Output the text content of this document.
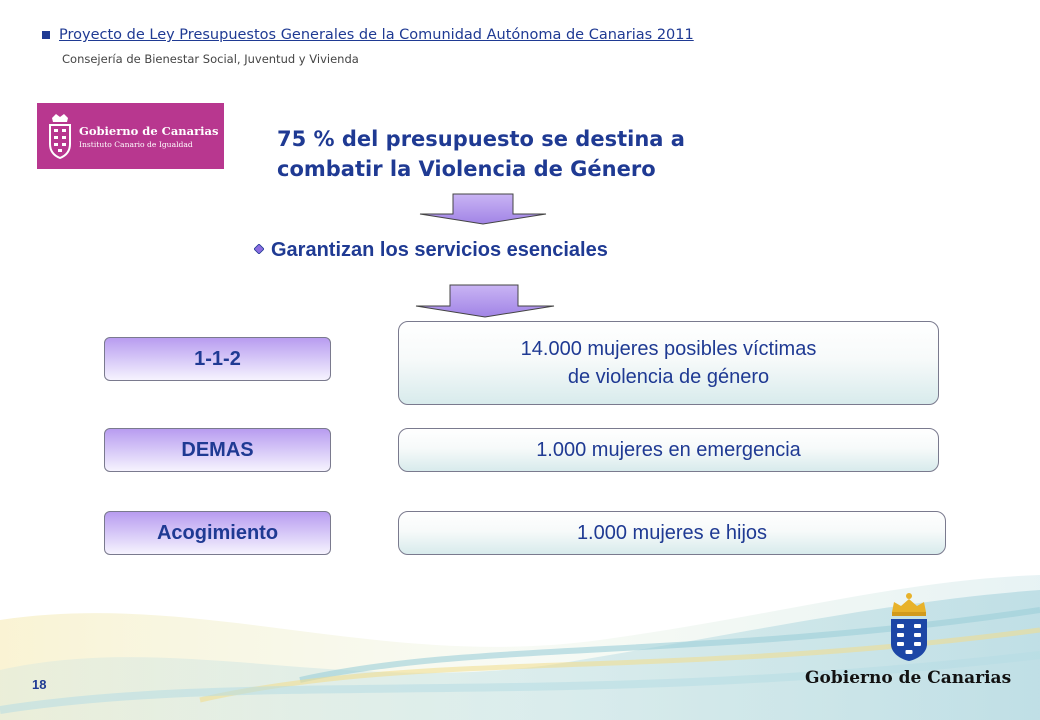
Proyecto de Ley Presupuestos Generales de la Comunidad Autónoma de Canarias 2011
Consejería de Bienestar Social, Juventud y Vivienda
Gobierno de Canarias
Instituto Canario de Igualdad	75 % del presupuesto se destina a combatir la Violencia de Género
Garantizan los servicios esenciales
1-1-2	14.000 mujeres posibles víctimas
de violencia de género
DEMAS	1.000 mujeres en emergencia
Acogimiento	1.000 mujeres e hijos
18	Gobierno de Canarias
